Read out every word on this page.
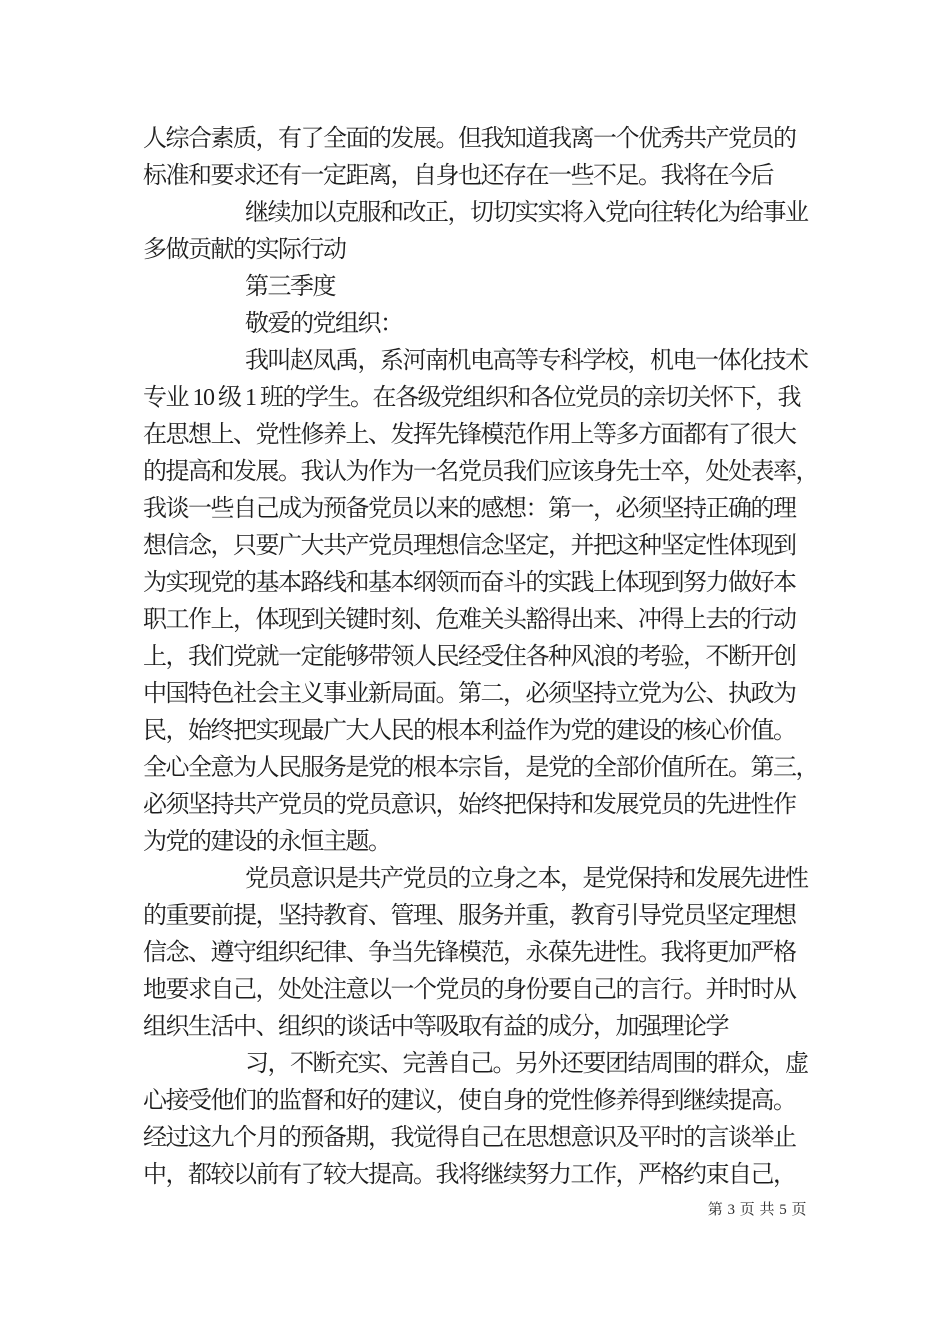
人综合素质，有了全面的发展。但我知道我离一个优秀共产党员的
标准和要求还有一定距离，自身也还存在一些不足。我将在今后
继续加以克服和改正，切切实实将入党向往转化为给事业
多做贡献的实际行动
第三季度
敬爱的党组织：
我叫赵凤禹，系河南机电高等专科学校，机电一体化技术
专业 10 级 1 班的学生。在各级党组织和各位党员的亲切关怀下，我
在思想上、党性修养上、发挥先锋模范作用上等多方面都有了很大
的提高和发展。我认为作为一名党员我们应该身先士卒，处处表率，
我谈一些自己成为预备党员以来的感想：第一，必须坚持正确的理
想信念，只要广大共产党员理想信念坚定，并把这种坚定性体现到
为实现党的基本路线和基本纲领而奋斗的实践上体现到努力做好本
职工作上，体现到关键时刻、危难关头豁得出来、冲得上去的行动
上，我们党就一定能够带领人民经受住各种风浪的考验，不断开创
中国特色社会主义事业新局面。第二，必须坚持立党为公、执政为
民，始终把实现最广大人民的根本利益作为党的建设的核心价值。
全心全意为人民服务是党的根本宗旨，是党的全部价值所在。第三，
必须坚持共产党员的党员意识，始终把保持和发展党员的先进性作
为党的建设的永恒主题。
党员意识是共产党员的立身之本，是党保持和发展先进性
的重要前提，坚持教育、管理、服务并重，教育引导党员坚定理想
信念、遵守组织纪律、争当先锋模范，永葆先进性。我将更加严格
地要求自己，处处注意以一个党员的身份要自己的言行。并时时从
组织生活中、组织的谈话中等吸取有益的成分，加强理论学
习，不断充实、完善自己。另外还要团结周围的群众，虚
心接受他们的监督和好的建议，使自身的党性修养得到继续提高。
经过这九个月的预备期，我觉得自己在思想意识及平时的言谈举止
中，都较以前有了较大提高。我将继续努力工作，严格约束自己，
第 3 页 共 5 页
